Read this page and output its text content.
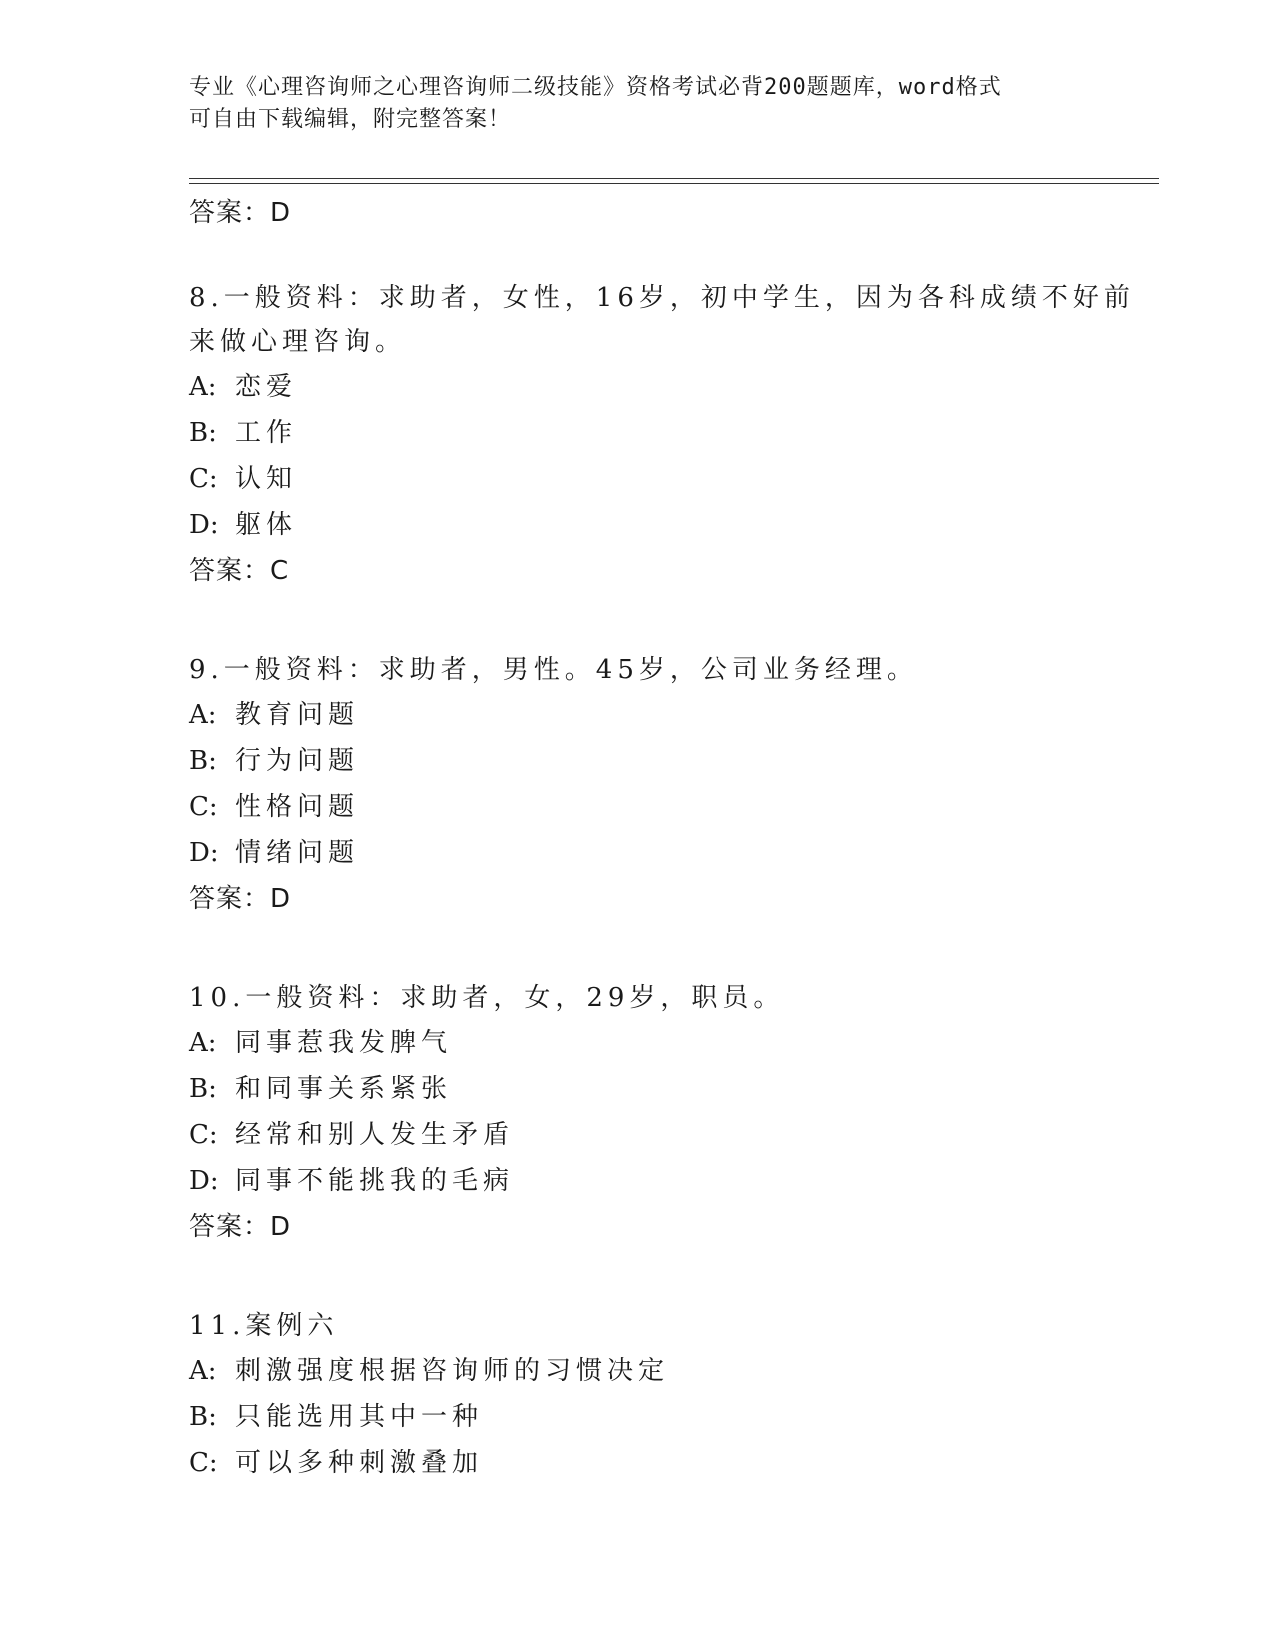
专业《心理咨询师之心理咨询师二级技能》资格考试必背200题题库，word格式
可自由下载编辑，附完整答案！
答案：D
8.一般资料：求助者，女性，16岁，初中学生，因为各科成绩不好前
来做心理咨询。
A: 恋爱
B: 工作
C: 认知
D: 躯体
答案：C
9.一般资料：求助者，男性。45岁，公司业务经理。
A: 教育问题
B: 行为问题
C: 性格问题
D: 情绪问题
答案：D
10.一般资料：求助者，女，29岁，职员。
A: 同事惹我发脾气
B: 和同事关系紧张
C: 经常和别人发生矛盾
D: 同事不能挑我的毛病
答案：D
11.案例六
A: 刺激强度根据咨询师的习惯决定
B: 只能选用其中一种
C: 可以多种刺激叠加
